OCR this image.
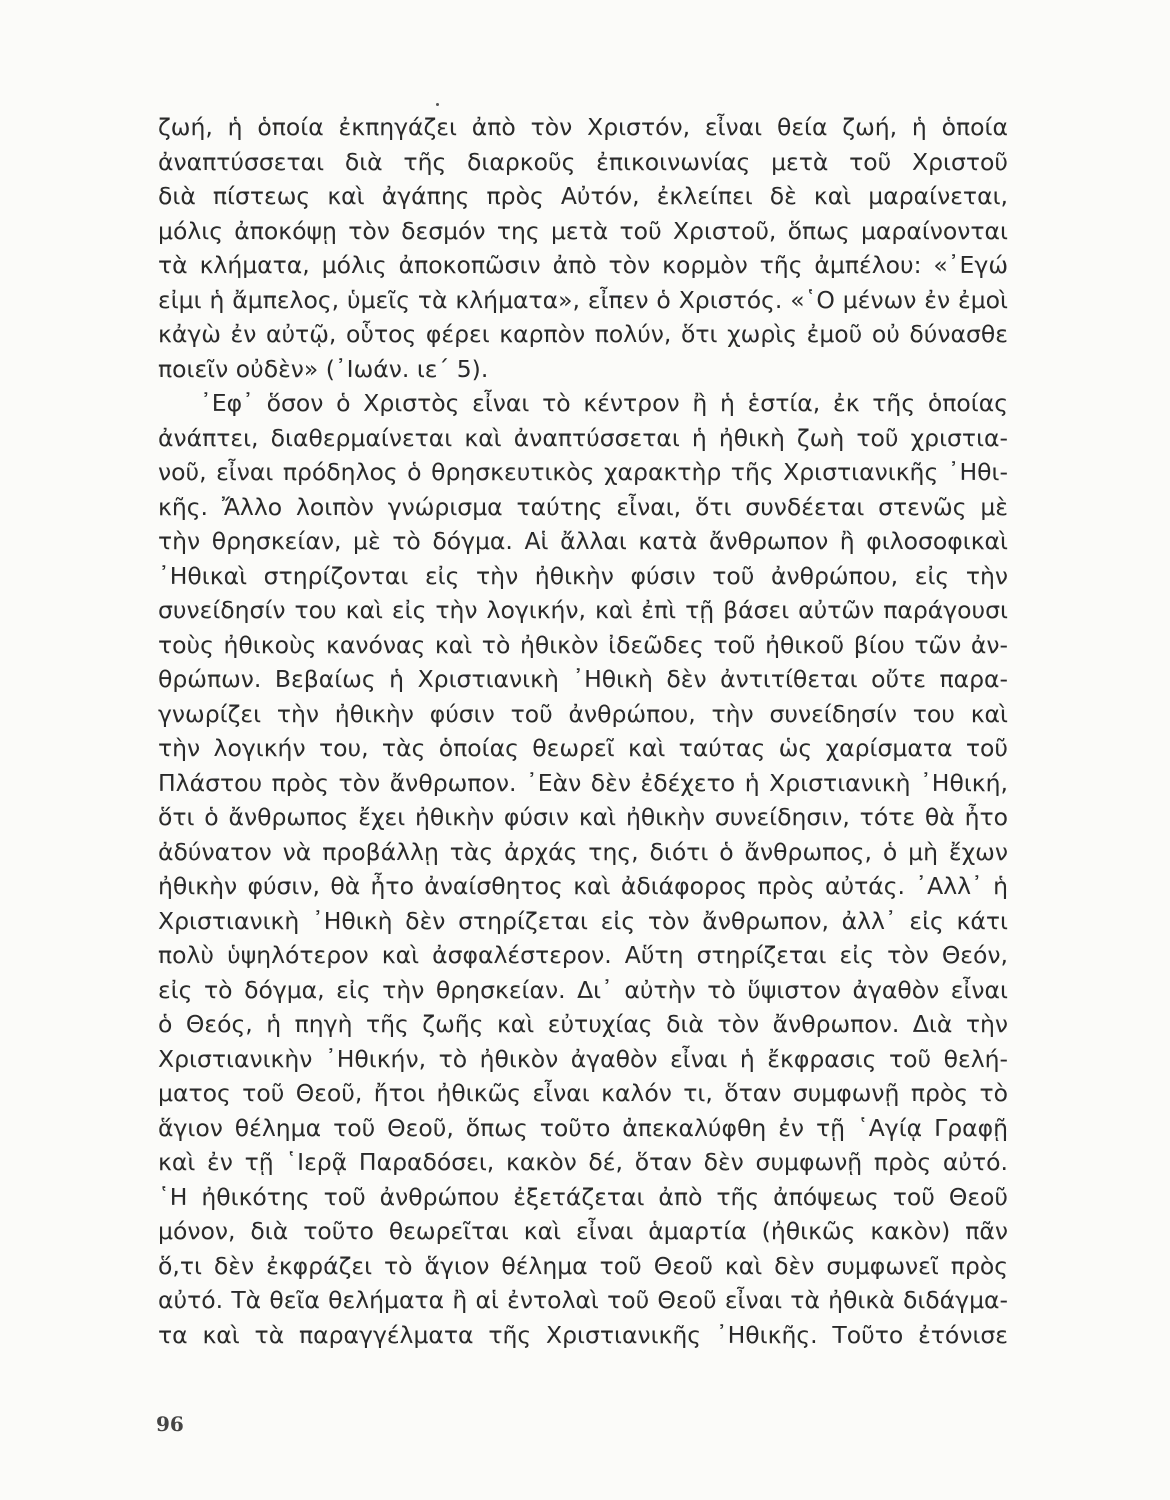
ζωή, ἡ ὁποία ἐκπηγάζει ἀπὸ τὸν Χριστόν, εἶναι θεία ζωή, ἡ ὁποία
ἀναπτύσσεται διὰ τῆς διαρκοῦς ἐπικοινωνίας μετὰ τοῦ Χριστοῦ
διὰ πίστεως καὶ ἀγάπης πρὸς Αὐτόν, ἐκλείπει δὲ καὶ μαραίνεται,
μόλις ἀποκόψῃ τὸν δεσμόν της μετὰ τοῦ Χριστοῦ, ὅπως μαραίνονται
τὰ κλήματα, μόλις ἀποκοπῶσιν ἀπὸ τὸν κορμὸν τῆς ἀμπέλου: «᾿Εγώ
εἰμι ἡ ἄμπελος, ὑμεῖς τὰ κλήματα», εἶπεν ὁ Χριστός. «῾Ο μένων ἐν ἐμοὶ
κἀγὼ ἐν αὐτῷ, οὗτος φέρει καρπὸν πολύν, ὅτι χωρὶς ἐμοῦ οὐ δύνασθε
ποιεῖν οὐδὲν» (᾿Ιωάν. ιε΄ 5).
᾿Εφ᾿ ὅσον ὁ Χριστὸς εἶναι τὸ κέντρον ἢ ἡ ἑστία, ἐκ τῆς ὁποίας
ἀνάπτει, διαθερμαίνεται καὶ ἀναπτύσσεται ἡ ἠθικὴ ζωὴ τοῦ χριστια-
νοῦ, εἶναι πρόδηλος ὁ θρησκευτικὸς χαρακτὴρ τῆς Χριστιανικῆς ᾿Ηθι-
κῆς. Ἄλλο λοιπὸν γνώρισμα ταύτης εἶναι, ὅτι συνδέεται στενῶς μὲ
τὴν θρησκείαν, μὲ τὸ δόγμα. Αἱ ἄλλαι κατὰ ἄνθρωπον ἢ φιλοσοφικαὶ
᾿Ηθικαὶ στηρίζονται εἰς τὴν ἠθικὴν φύσιν τοῦ ἀνθρώπου, εἰς τὴν
συνείδησίν του καὶ εἰς τὴν λογικήν, καὶ ἐπὶ τῇ βάσει αὐτῶν παράγουσι
τοὺς ἠθικοὺς κανόνας καὶ τὸ ἠθικὸν ἰδεῶδες τοῦ ἠθικοῦ βίου τῶν ἀν-
θρώπων. Βεβαίως ἡ Χριστιανικὴ ᾿Ηθικὴ δὲν ἀντιτίθεται οὔτε παρα-
γνωρίζει τὴν ἠθικὴν φύσιν τοῦ ἀνθρώπου, τὴν συνείδησίν του καὶ
τὴν λογικήν του, τὰς ὁποίας θεωρεῖ καὶ ταύτας ὡς χαρίσματα τοῦ
Πλάστου πρὸς τὸν ἄνθρωπον. ᾿Εὰν δὲν ἐδέχετο ἡ Χριστιανικὴ ᾿Ηθική,
ὅτι ὁ ἄνθρωπος ἔχει ἠθικὴν φύσιν καὶ ἠθικὴν συνείδησιν, τότε θὰ ἦτο
ἀδύνατον νὰ προβάλλῃ τὰς ἀρχάς της, διότι ὁ ἄνθρωπος, ὁ μὴ ἔχων
ἠθικὴν φύσιν, θὰ ἦτο ἀναίσθητος καὶ ἀδιάφορος πρὸς αὐτάς. ᾿Αλλ᾿ ἡ
Χριστιανικὴ ᾿Ηθικὴ δὲν στηρίζεται εἰς τὸν ἄνθρωπον, ἀλλ᾿ εἰς κάτι
πολὺ ὑψηλότερον καὶ ἀσφαλέστερον. Αὕτη στηρίζεται εἰς τὸν Θεόν,
εἰς τὸ δόγμα, εἰς τὴν θρησκείαν. Δι᾿ αὐτὴν τὸ ὕψιστον ἀγαθὸν εἶναι
ὁ Θεός, ἡ πηγὴ τῆς ζωῆς καὶ εὐτυχίας διὰ τὸν ἄνθρωπον. Διὰ τὴν
Χριστιανικὴν ᾿Ηθικήν, τὸ ἠθικὸν ἀγαθὸν εἶναι ἡ ἔκφρασις τοῦ θελή-
ματος τοῦ Θεοῦ, ἤτοι ἠθικῶς εἶναι καλόν τι, ὅταν συμφωνῇ πρὸς τὸ
ἅγιον θέλημα τοῦ Θεοῦ, ὅπως τοῦτο ἀπεκαλύφθη ἐν τῇ ῾Αγίᾳ Γραφῇ
καὶ ἐν τῇ ῾Ιερᾷ Παραδόσει, κακὸν δέ, ὅταν δὲν συμφωνῇ πρὸς αὐτό.
῾Η ἠθικότης τοῦ ἀνθρώπου ἐξετάζεται ἀπὸ τῆς ἀπόψεως τοῦ Θεοῦ
μόνον, διὰ τοῦτο θεωρεῖται καὶ εἶναι ἁμαρτία (ἠθικῶς κακὸν) πᾶν
ὅ,τι δὲν ἐκφράζει τὸ ἅγιον θέλημα τοῦ Θεοῦ καὶ δὲν συμφωνεῖ πρὸς
αὐτό. Τὰ θεῖα θελήματα ἢ αἱ ἐντολαὶ τοῦ Θεοῦ εἶναι τὰ ἠθικὰ διδάγμα-
τα καὶ τὰ παραγγέλματα τῆς Χριστιανικῆς ᾿Ηθικῆς. Τοῦτο ἐτόνισε
96
